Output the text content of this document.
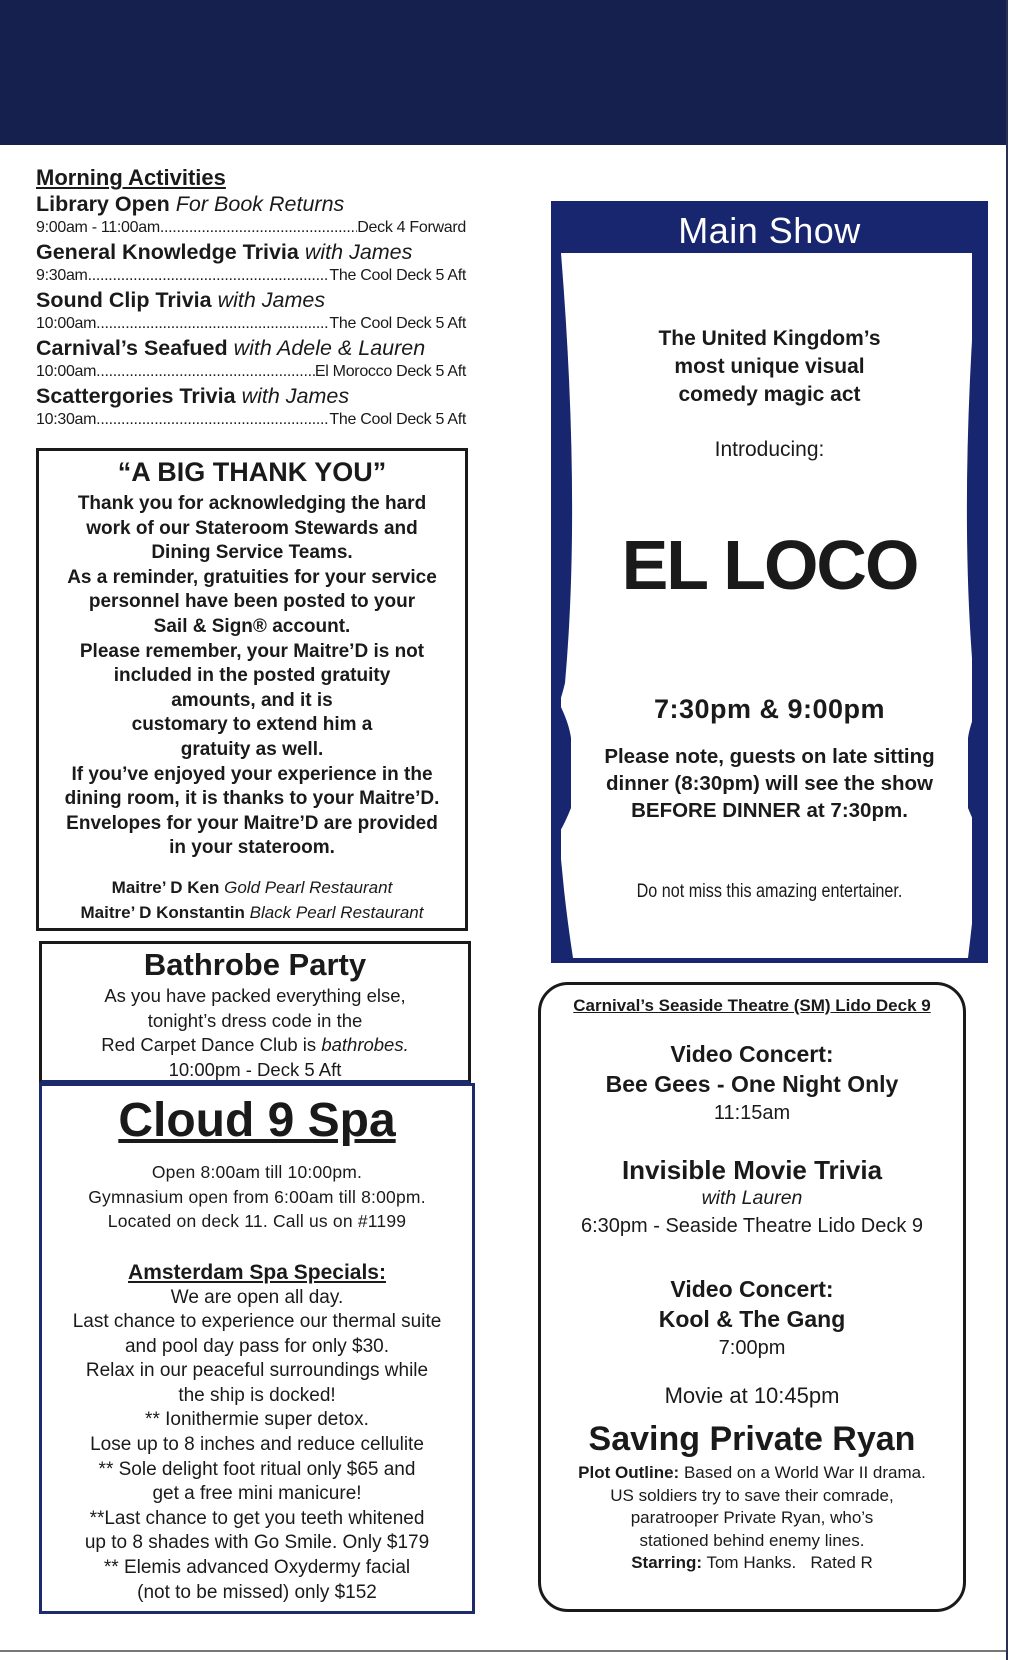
Morning Activities
Library Open For Book Returns
9:00am - 11:00am .....	Deck 4 Forward
General Knowledge Trivia with James
9:30am .....	The Cool Deck 5 Aft
Sound Clip Trivia with James
10:00am .....	The Cool Deck 5 Aft
Carnival’s Seafued with Adele & Lauren
10:00am .....	El Morocco Deck 5 Aft
Scattergories Trivia with James
10:30am .....	The Cool Deck 5 Aft
“A BIG THANK YOU”
Thank you for acknowledging the hard
work of our Stateroom Stewards and
Dining Service Teams.
As a reminder, gratuities for your service
personnel have been posted to your
Sail & Sign® account.
Please remember, your Maitre’D is not
included in the posted gratuity
amounts, and it is
customary to extend him a
gratuity as well.
If you’ve enjoyed your experience in the
dining room, it is thanks to your Maitre’D.
Envelopes for your Maitre’D are provided
in your stateroom.
Maitre’ D Ken Gold Pearl Restaurant
Maitre’ D Konstantin Black Pearl Restaurant
Bathrobe Party
As you have packed everything else,
tonight’s dress code in the
Red Carpet Dance Club is bathrobes.
10:00pm - Deck 5 Aft
Cloud 9 Spa
Open 8:00am till 10:00pm.
Gymnasium open from 6:00am till 8:00pm.
Located on deck 11. Call us on #1199
Amsterdam Spa Specials:
We are open all day.
Last chance to experience our thermal suite
and pool day pass for only $30.
Relax in our peaceful surroundings while
the ship is docked!
** Ionithermie super detox.
Lose up to 8 inches and reduce cellulite
** Sole delight foot ritual only $65 and
get a free mini manicure!
**Last chance to get you teeth whitened
up to 8 shades with Go Smile. Only $179
** Elemis advanced Oxydermy facial
(not to be missed) only $152
Main Show
The United Kingdom’s
most unique visual
comedy magic act
Introducing:
EL LOCO
7:30pm & 9:00pm
Please note, guests on late sitting
dinner (8:30pm) will see the show
BEFORE DINNER at 7:30pm.
Do not miss this amazing entertainer.
Carnival’s Seaside Theatre (SM) Lido Deck 9
Video Concert:
Bee Gees - One Night Only
11:15am
Invisible Movie Trivia
with Lauren
6:30pm - Seaside Theatre Lido Deck 9
Video Concert:
Kool & The Gang
7:00pm
Movie at 10:45pm
Saving Private Ryan
Plot Outline: Based on a World War II drama.
US soldiers try to save their comrade,
paratrooper Private Ryan, who’s
stationed behind enemy lines.
Starring: Tom Hanks. Rated R
